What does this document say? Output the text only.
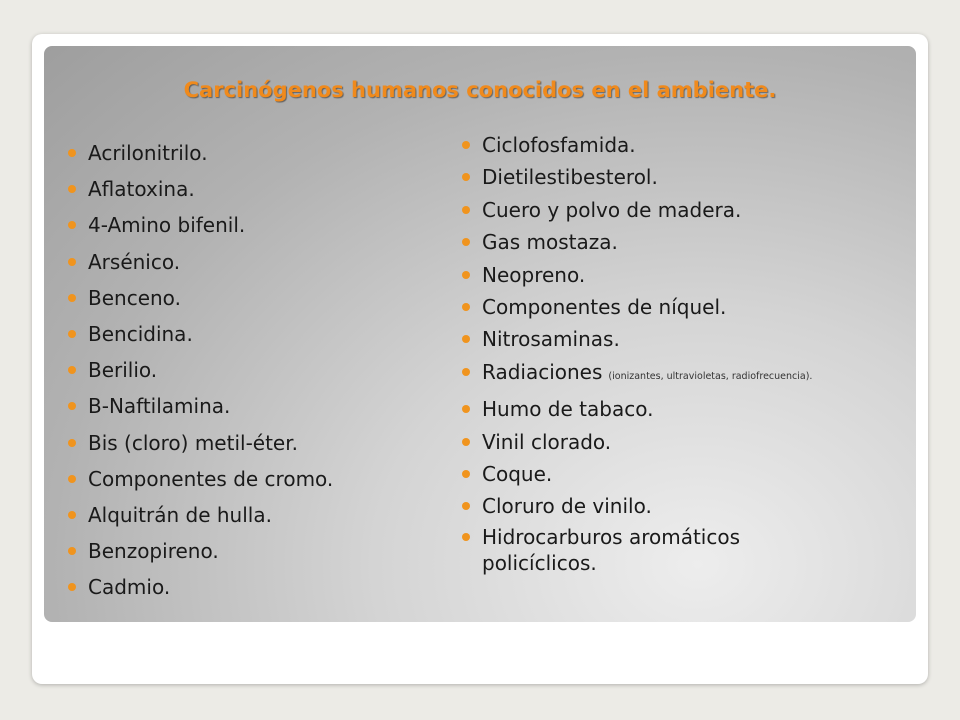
Carcinógenos humanos conocidos en el ambiente.
Acrilonitrilo.
Aflatoxina.
4-Amino bifenil.
Arsénico.
Benceno.
Bencidina.
Berilio.
B-Naftilamina.
Bis (cloro) metil-éter.
Componentes de cromo.
Alquitrán de hulla.
Benzopireno.
Cadmio.
Ciclofosfamida.
Dietilestibesterol.
Cuero y polvo de madera.
Gas mostaza.
Neopreno.
Componentes de níquel.
Nitrosaminas.
Radiaciones (ionizantes, ultravioletas, radiofrecuencia).
Humo de tabaco.
Vinil clorado.
Coque.
Cloruro de vinilo.
Hidrocarburos aromáticos policíclicos.
